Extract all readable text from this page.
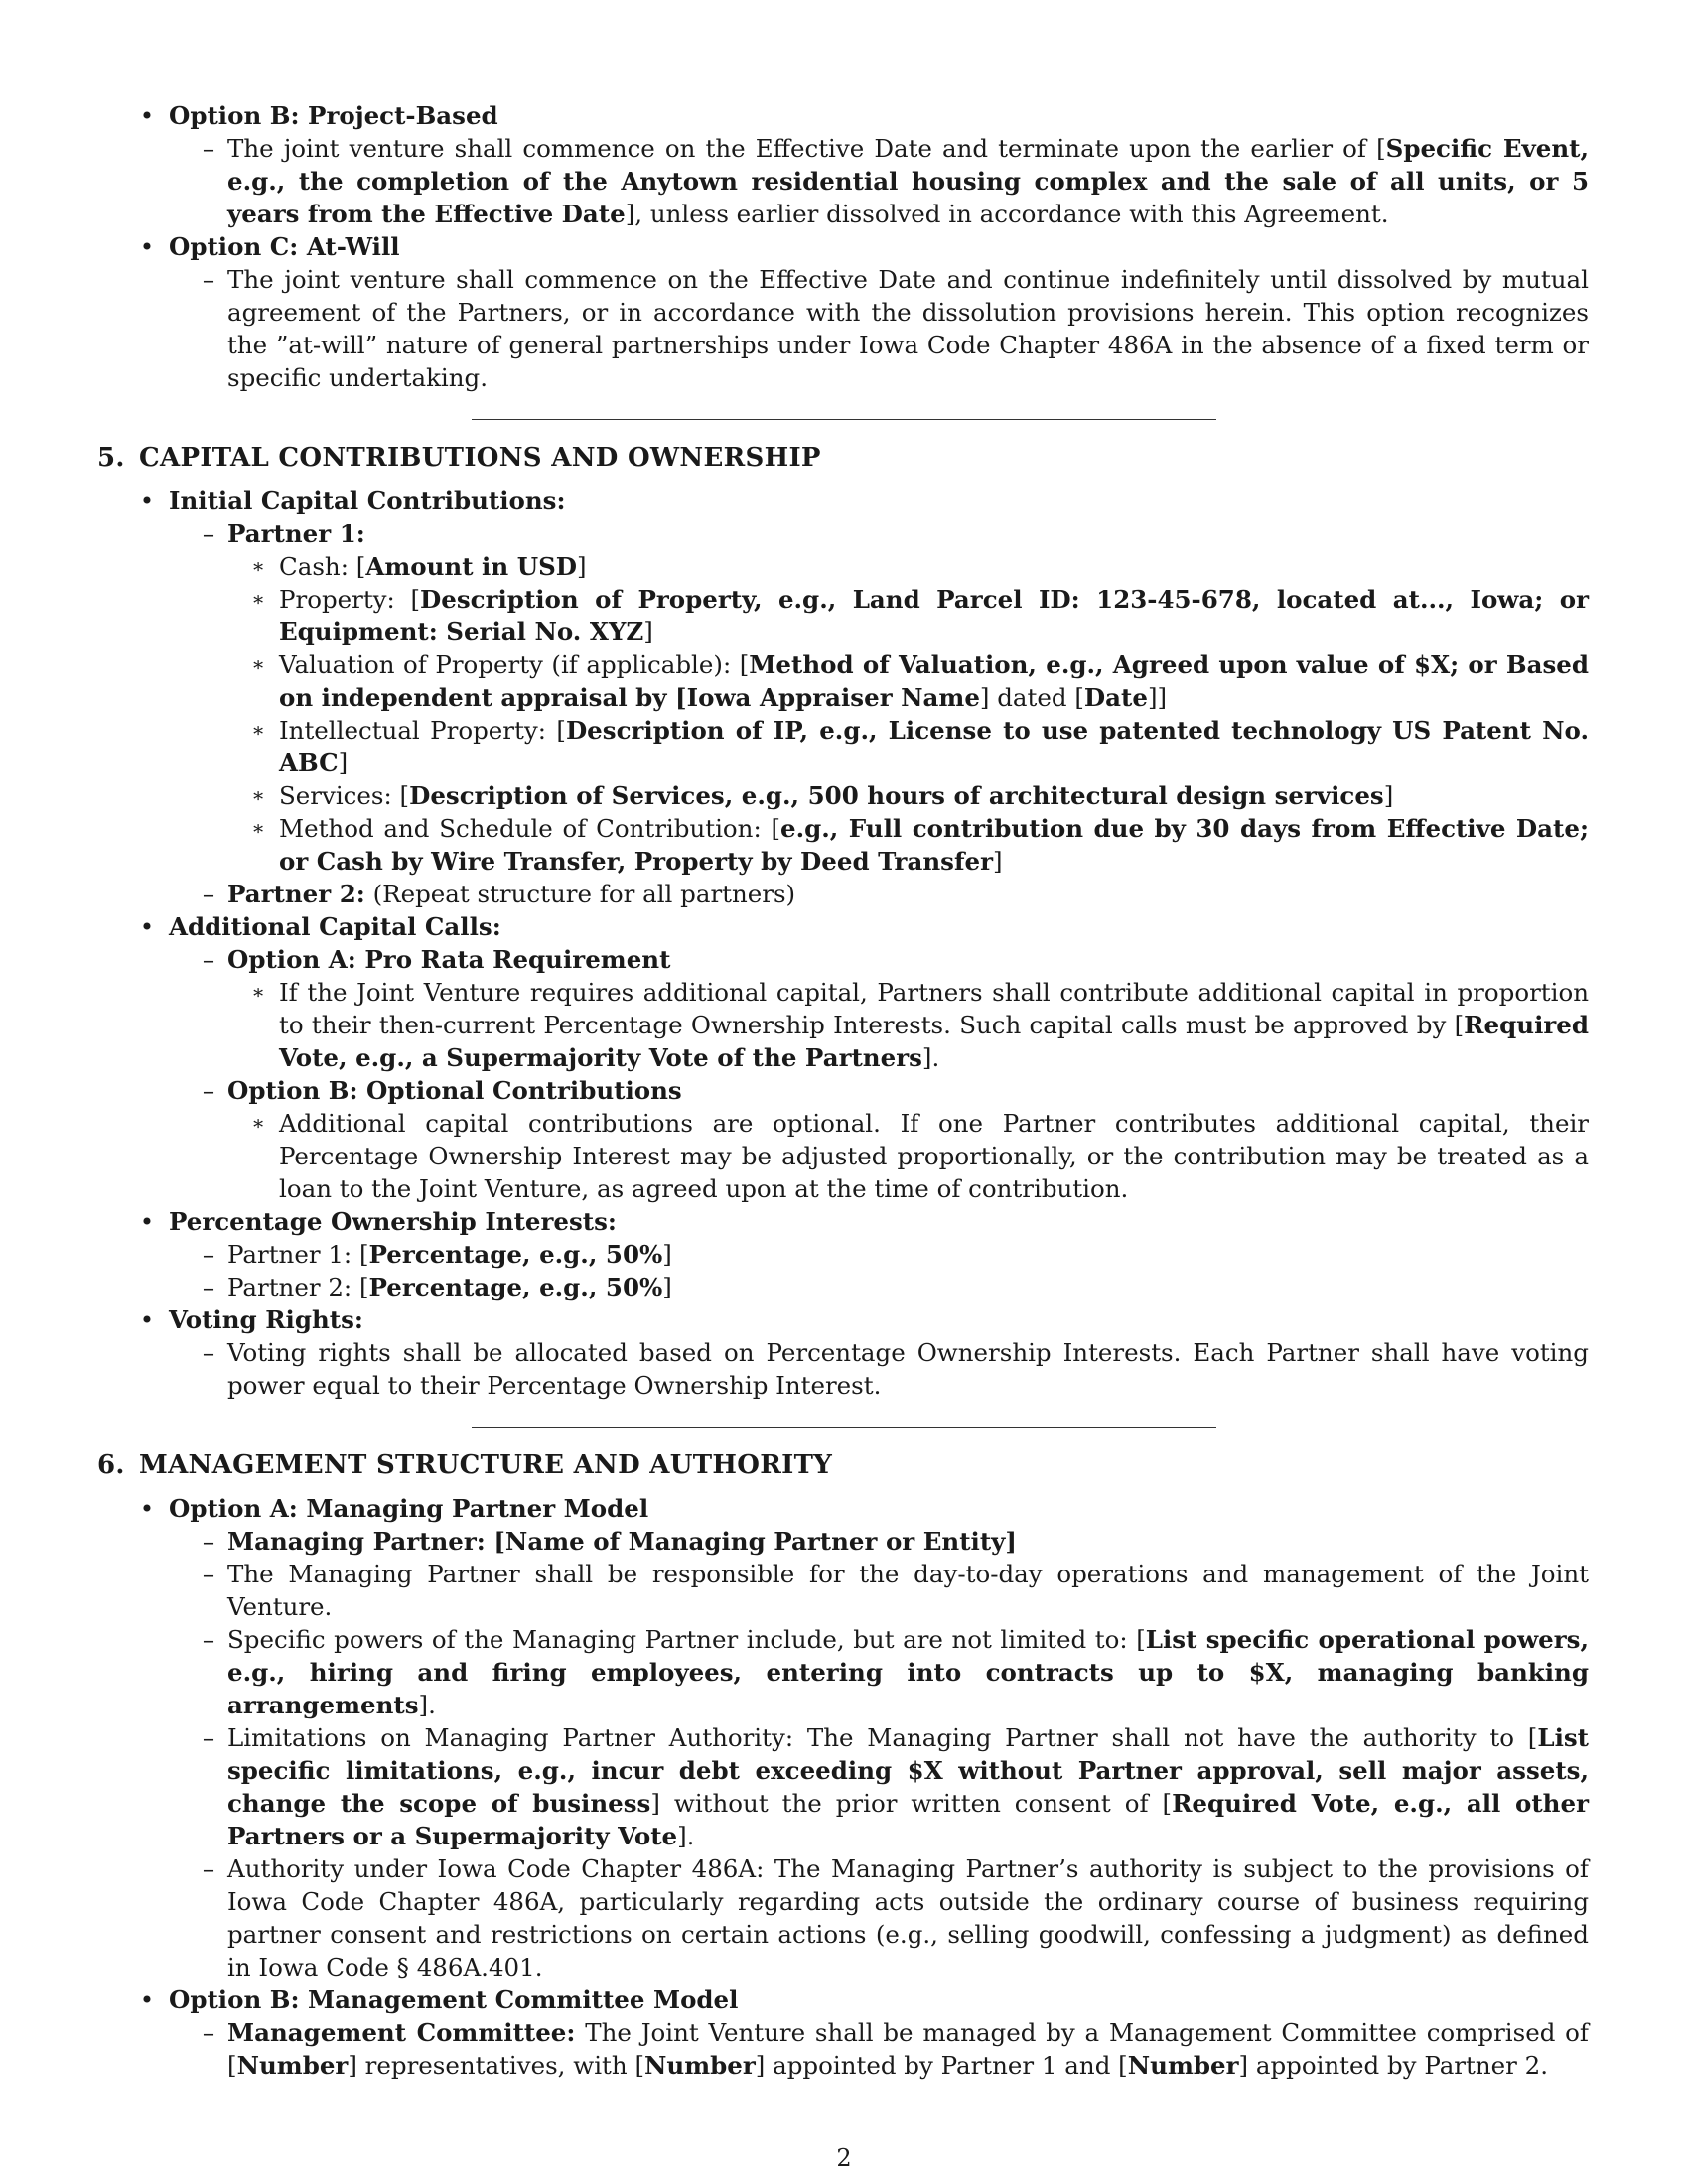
• Option B: Project-Based
– The joint venture shall commence on the Effective Date and terminate upon the earlier of [Specific Event, e.g., the completion of the Anytown residential housing complex and the sale of all units, or 5 years from the Effective Date], unless earlier dissolved in accordance with this Agreement.
• Option C: At-Will
– The joint venture shall commence on the Effective Date and continue indefinitely until dissolved by mutual agreement of the Partners, or in accordance with the dissolution provisions herein. This option recognizes the ”at-will” nature of general partnerships under Iowa Code Chapter 486A in the absence of a fixed term or specific undertaking.
5. CAPITAL CONTRIBUTIONS AND OWNERSHIP
• Initial Capital Contributions:
– Partner 1:
∗ Cash: [Amount in USD]
∗ Property: [Description of Property, e.g., Land Parcel ID: 123-45-678, located at..., Iowa; or Equipment: Serial No. XYZ]
∗ Valuation of Property (if applicable): [Method of Valuation, e.g., Agreed upon value of $X; or Based on independent appraisal by [Iowa Appraiser Name] dated [Date]]
∗ Intellectual Property: [Description of IP, e.g., License to use patented technology US Patent No. ABC]
∗ Services: [Description of Services, e.g., 500 hours of architectural design services]
∗ Method and Schedule of Contribution: [e.g., Full contribution due by 30 days from Effective Date; or Cash by Wire Transfer, Property by Deed Transfer]
– Partner 2: (Repeat structure for all partners)
• Additional Capital Calls:
– Option A: Pro Rata Requirement
∗ If the Joint Venture requires additional capital, Partners shall contribute additional capital in proportion to their then-current Percentage Ownership Interests. Such capital calls must be approved by [Required Vote, e.g., a Supermajority Vote of the Partners].
– Option B: Optional Contributions
∗ Additional capital contributions are optional. If one Partner contributes additional capital, their Percentage Ownership Interest may be adjusted proportionally, or the contribution may be treated as a loan to the Joint Venture, as agreed upon at the time of contribution.
• Percentage Ownership Interests:
– Partner 1: [Percentage, e.g., 50%]
– Partner 2: [Percentage, e.g., 50%]
• Voting Rights:
– Voting rights shall be allocated based on Percentage Ownership Interests. Each Partner shall have voting power equal to their Percentage Ownership Interest.
6. MANAGEMENT STRUCTURE AND AUTHORITY
• Option A: Managing Partner Model
– Managing Partner: [Name of Managing Partner or Entity]
– The Managing Partner shall be responsible for the day-to-day operations and management of the Joint Venture.
– Specific powers of the Managing Partner include, but are not limited to: [List specific operational powers, e.g., hiring and firing employees, entering into contracts up to $X, managing banking arrangements].
– Limitations on Managing Partner Authority: The Managing Partner shall not have the authority to [List specific limitations, e.g., incur debt exceeding $X without Partner approval, sell major assets, change the scope of business] without the prior written consent of [Required Vote, e.g., all other Partners or a Supermajority Vote].
– Authority under Iowa Code Chapter 486A: The Managing Partner’s authority is subject to the provisions of Iowa Code Chapter 486A, particularly regarding acts outside the ordinary course of business requiring partner consent and restrictions on certain actions (e.g., selling goodwill, confessing a judgment) as defined in Iowa Code § 486A.401.
• Option B: Management Committee Model
– Management Committee: The Joint Venture shall be managed by a Management Committee comprised of [Number] representatives, with [Number] appointed by Partner 1 and [Number] appointed by Partner 2.
2
